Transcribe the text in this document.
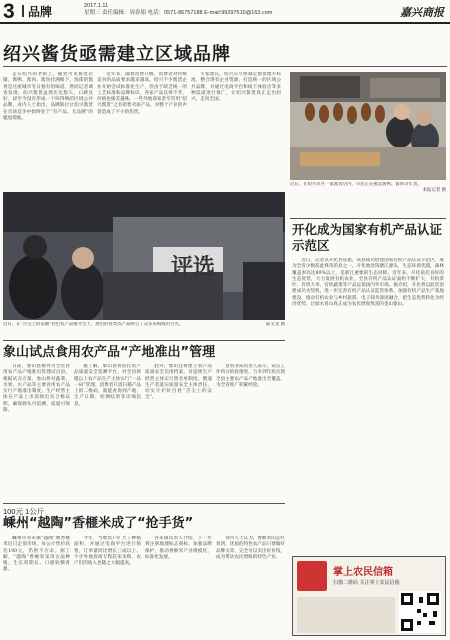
3	品牌	2017.1.11
星期三 责任编辑：周春娟 电话：0571-86757188 E-mail:99297510@163.com	嘉兴商报
绍兴酱货亟需建立区域品牌

走在绍兴的老街上，随处可见酱货店铺，酱鸭、酱肉、酱鱼挂满檐下，浓郁的酱香是这座城市冬日独有的味道。然而记者调查发现，绍兴酱货虽然历史悠久、口碑良好，却至今没有形成一个叫得响的区域公共品牌。业内人士指出，品牌缺位让绍兴酱货在市场竞争中始终处于“有产品、无品牌”的尴尬境地。

近年来，随着消费升级，消费者对传统美食的品质要求越来越高。绍兴不少酱货企业开始尝试标准化生产，但由于缺乏统一的工艺标准和品牌标识，各家产品良莠不齐，价格也相差悬殊。一些外地商家甚至冒用“绍兴酱货”之名销售劣质产品，对整个产业的声誉造成了不小的伤害。

专家建议，绍兴应尽快制定酱货地方标准，整合现有企业资源，打造统一的区域公共品牌，并通过电商平台和线下体验店等多种渠道进行推广，让绍兴酱货真正走出绍兴、走向全国。

近日，在绍兴市区一家酱货店内，市民正在挑选酱鸭、酱肉等年货。
本报记者 摄
评选
近日，在“舌尖上的安徽”特色农产品推介会上，展出的各类农产品吸引了众多采购商的目光。	陆文龙 摄
开化成为国家有机产品认证示范区

近日，记者从开化县获悉，该县成功创建国家有机产品认证示范区，成为全省少数获此殊荣的县之一。开化地处钱塘江源头，生态环境优越，森林覆盖率高达80%以上，是浙江重要的生态屏障。近年来，开化依托良好的生态优势，大力发展有机农业，全县有机产品认证面积不断扩大，有机茶叶、有机大米、有机蔬菜等产品远销国内外市场。据介绍，开化将以此次创建成功为契机，进一步完善有机产品认证监管体系，加强有机产品生产基地建设，推动有机农业与乡村旅游、电子商务深度融合，把生态优势转化为经济优势，让绿水青山真正成为农民增收致富的金山银山。

象山试点食用农产品“产地准出”管理

日前，象山县被列为全省食用农产品产地准出管理试点县。根据试点方案，象山将对蔬菜、水果、水产品等主要食用农产品实行产地准出制度，生产经营主体在产品上市前须出具合格证明，确保源头可追溯、质量可保障。

据了解，象山县将依托农产品质量安全追溯平台，对全县规模以上农产品生产主体实行“一品一码”管理。消费者只需扫描产品上的二维码，就能查询到产地、生产日期、检测结果等详细信息。

此外，象山还将建立农产品质量安全信用档案，对违规生产经营主体实行黑名单制度，倒逼生产者落实质量安全主体责任，切实守护好百姓“舌尖上的安全”。

县农业局负责人表示，试点工作将分阶段推进，力争到年底实现全县主要农产品产地准出全覆盖，为全省推广积累经验。

100元 1公斤
嵊州“越陶”香榧米成了“抢手货”

嵊州市谷来镇“越陶”牌香榧米近日走俏市场，每公斤售价高达100元，仍供不应求。据了解，“越陶”香榧米采用古法种植，生长周期长、口感软糯香甜。

今年，当地农户扩大了种植面积，并通过电商平台进行销售，订单量同比增长三成以上。不少外地客商专程赶来采购，农户们的收入也随之大幅提高。

谷来镇负责人介绍，下一步将注册地理标志商标，加强品牌保护，推动香榧米产业规模化、标准化发展。

业内人士认为，香榧米的走红说明，优质的特色农产品只要做好品牌文章，完全可以卖出好价钱，成为带动农民增收的特色产业。

掌上农民信箱
扫描二维码 关注掌上农民信箱
